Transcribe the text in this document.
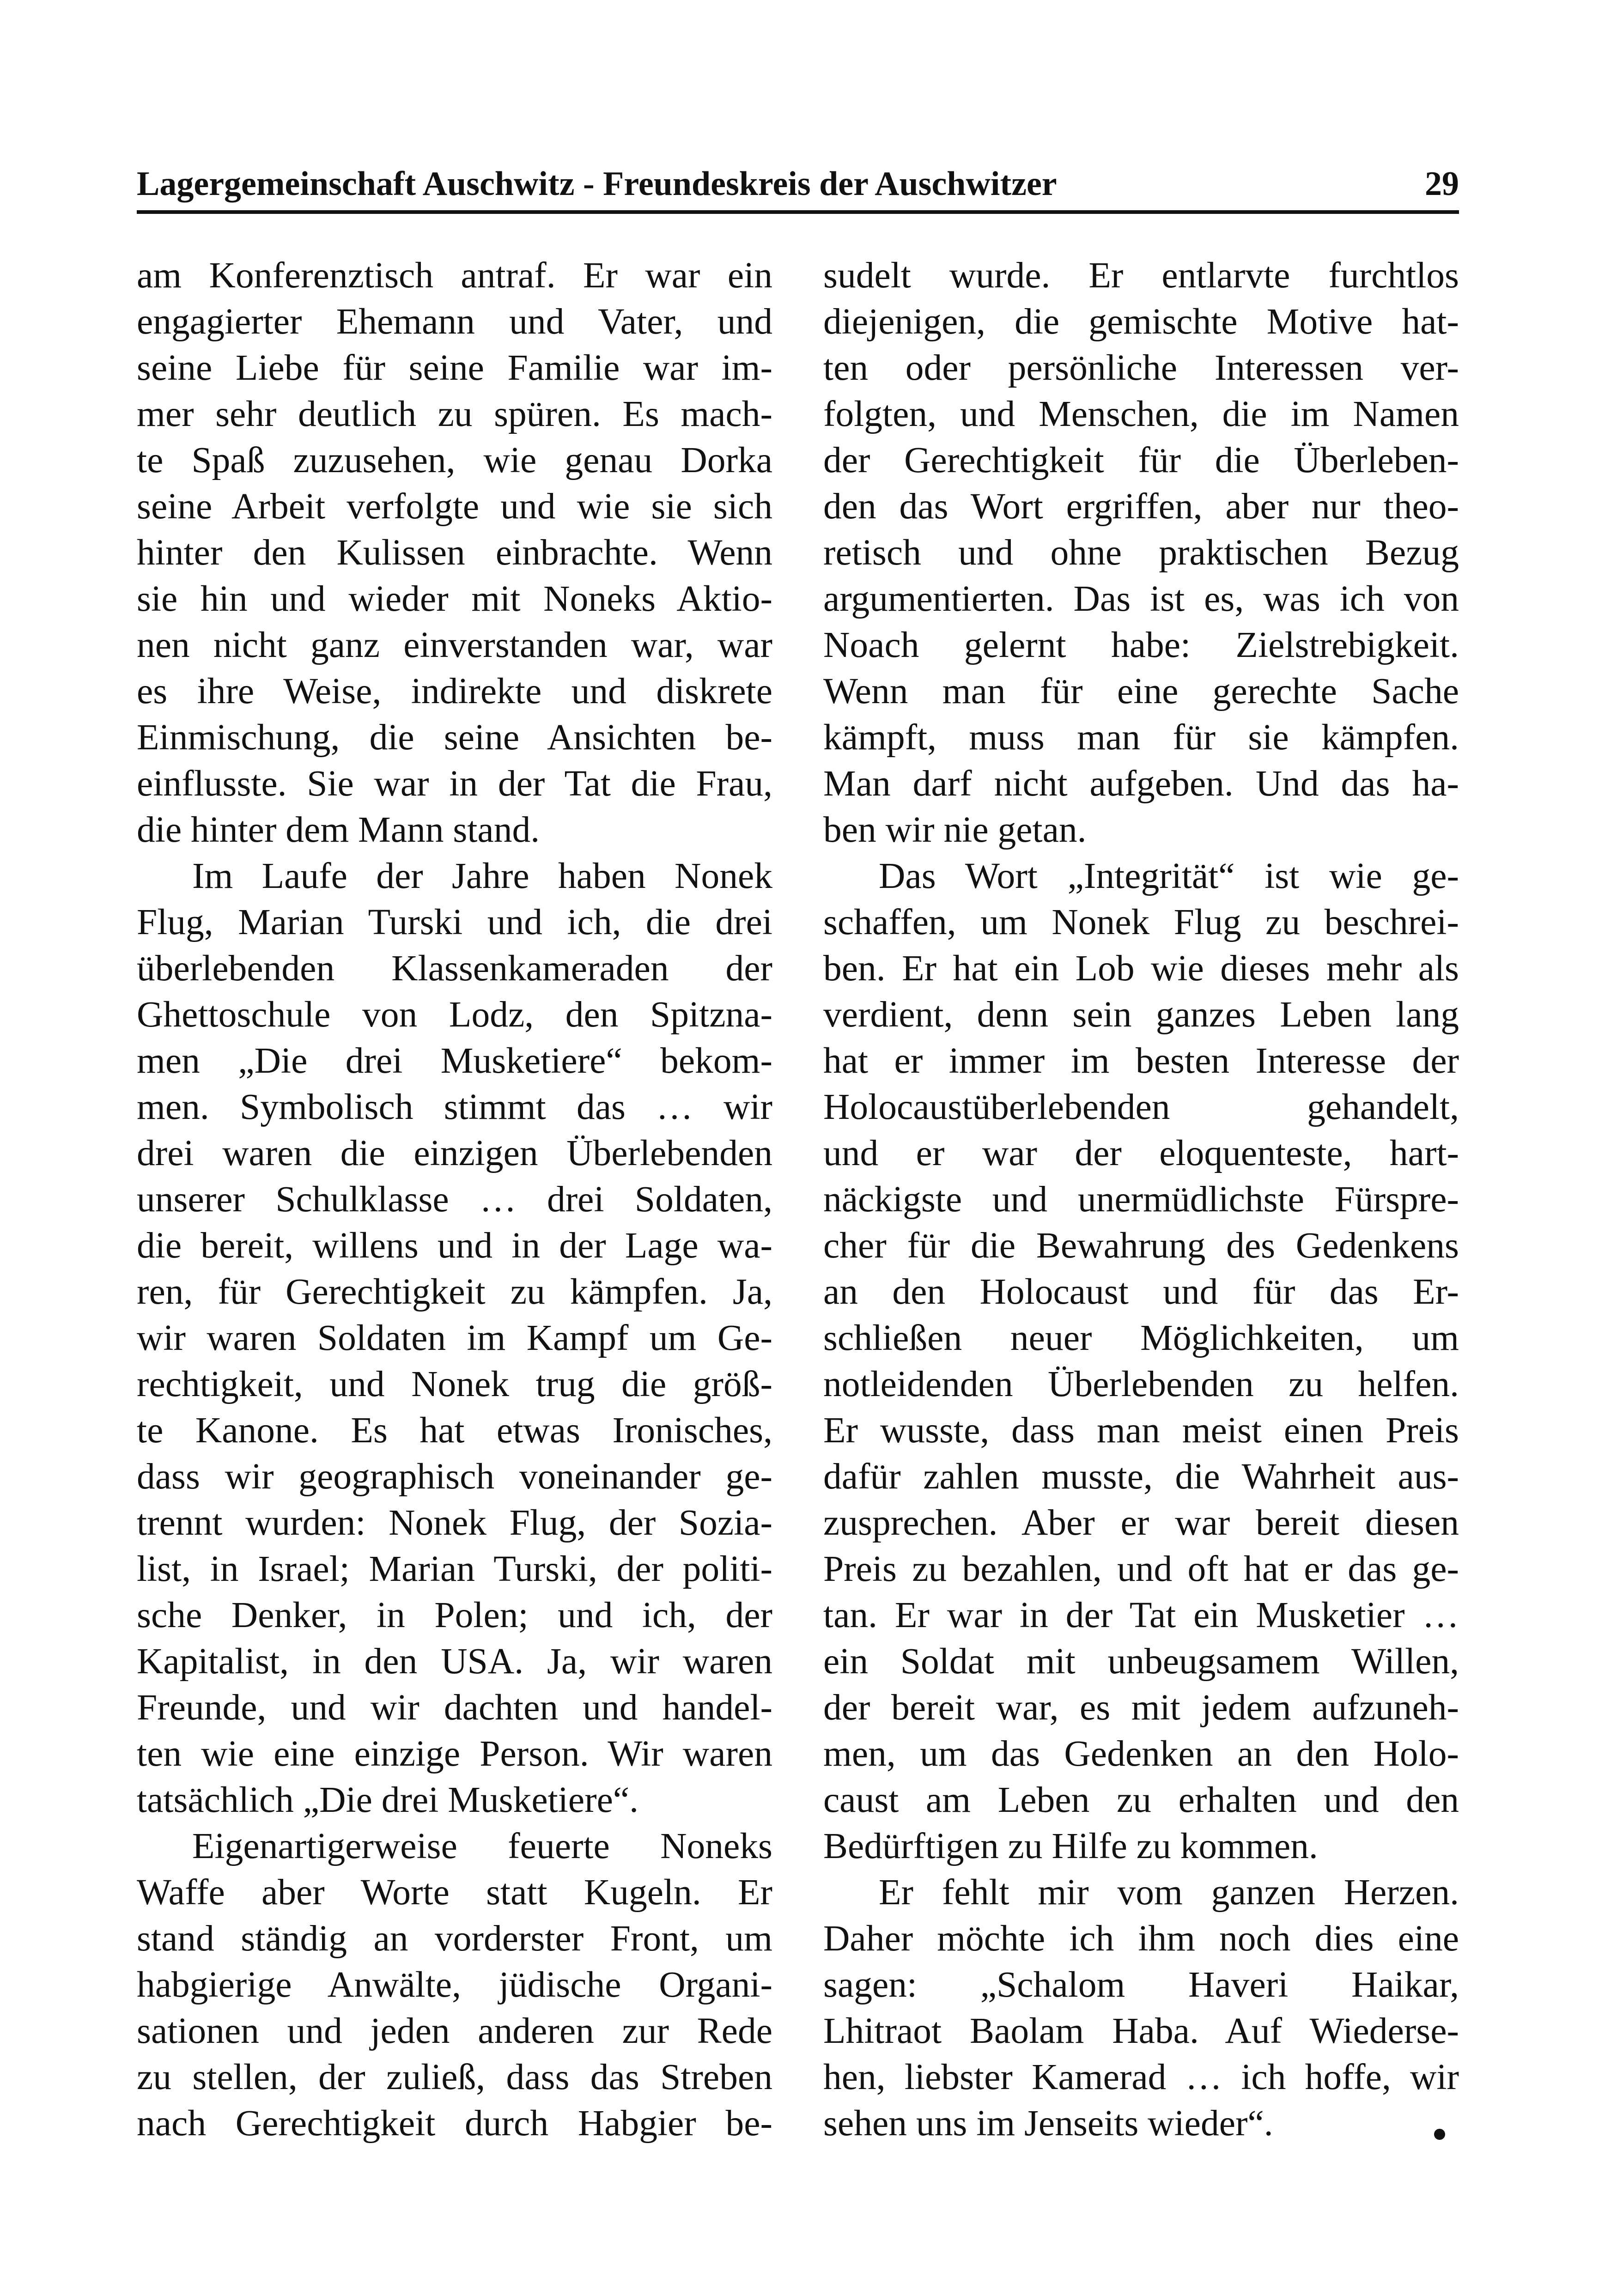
Lagergemeinschaft Auschwitz - Freundeskreis der Auschwitzer	29
am Konferenztisch antraf. Er war ein
engagierter Ehemann und Vater, und
seine Liebe für seine Familie war im-
mer sehr deutlich zu spüren. Es mach-
te Spaß zuzusehen, wie genau Dorka
seine Arbeit verfolgte und wie sie sich
hinter den Kulissen einbrachte. Wenn
sie hin und wieder mit Noneks Aktio-
nen nicht ganz einverstanden war, war
es ihre Weise, indirekte und diskrete
Einmischung, die seine Ansichten be-
einflusste. Sie war in der Tat die Frau,
die hinter dem Mann stand.
Im Laufe der Jahre haben Nonek
Flug, Marian Turski und ich, die drei
überlebenden Klassenkameraden der
Ghettoschule von Lodz, den Spitzna-
men „Die drei Musketiere“ bekom-
men. Symbolisch stimmt das … wir
drei waren die einzigen Überlebenden
unserer Schulklasse … drei Soldaten,
die bereit, willens und in der Lage wa-
ren, für Gerechtigkeit zu kämpfen. Ja,
wir waren Soldaten im Kampf um Ge-
rechtigkeit, und Nonek trug die größ-
te Kanone. Es hat etwas Ironisches,
dass wir geographisch voneinander ge-
trennt wurden: Nonek Flug, der Sozia-
list, in Israel; Marian Turski, der politi-
sche Denker, in Polen; und ich, der
Kapitalist, in den USA. Ja, wir waren
Freunde, und wir dachten und handel-
ten wie eine einzige Person. Wir waren
tatsächlich „Die drei Musketiere“.
Eigenartigerweise feuerte Noneks
Waffe aber Worte statt Kugeln. Er
stand ständig an vorderster Front, um
habgierige Anwälte, jüdische Organi-
sationen und jeden anderen zur Rede
zu stellen, der zuließ, dass das Streben
nach Gerechtigkeit durch Habgier be-
sudelt wurde. Er entlarvte furchtlos
diejenigen, die gemischte Motive hat-
ten oder persönliche Interessen ver-
folgten, und Menschen, die im Namen
der Gerechtigkeit für die Überleben-
den das Wort ergriffen, aber nur theo-
retisch und ohne praktischen Bezug
argumentierten. Das ist es, was ich von
Noach gelernt habe: Zielstrebigkeit.
Wenn man für eine gerechte Sache
kämpft, muss man für sie kämpfen.
Man darf nicht aufgeben. Und das ha-
ben wir nie getan.
Das Wort „Integrität“ ist wie ge-
schaffen, um Nonek Flug zu beschrei-
ben. Er hat ein Lob wie dieses mehr als
verdient, denn sein ganzes Leben lang
hat er immer im besten Interesse der
Holocaustüberlebenden gehandelt,
und er war der eloquenteste, hart-
näckigste und unermüdlichste Fürspre-
cher für die Bewahrung des Gedenkens
an den Holocaust und für das Er-
schließen neuer Möglichkeiten, um
notleidenden Überlebenden zu helfen.
Er wusste, dass man meist einen Preis
dafür zahlen musste, die Wahrheit aus-
zusprechen. Aber er war bereit diesen
Preis zu bezahlen, und oft hat er das ge-
tan. Er war in der Tat ein Musketier …
ein Soldat mit unbeugsamem Willen,
der bereit war, es mit jedem aufzuneh-
men, um das Gedenken an den Holo-
caust am Leben zu erhalten und den
Bedürftigen zu Hilfe zu kommen.
Er fehlt mir vom ganzen Herzen.
Daher möchte ich ihm noch dies eine
sagen: „Schalom Haveri Haikar,
Lhitraot Baolam Haba. Auf Wiederse-
hen, liebster Kamerad … ich hoffe, wir
sehen uns im Jenseits wieder“.
